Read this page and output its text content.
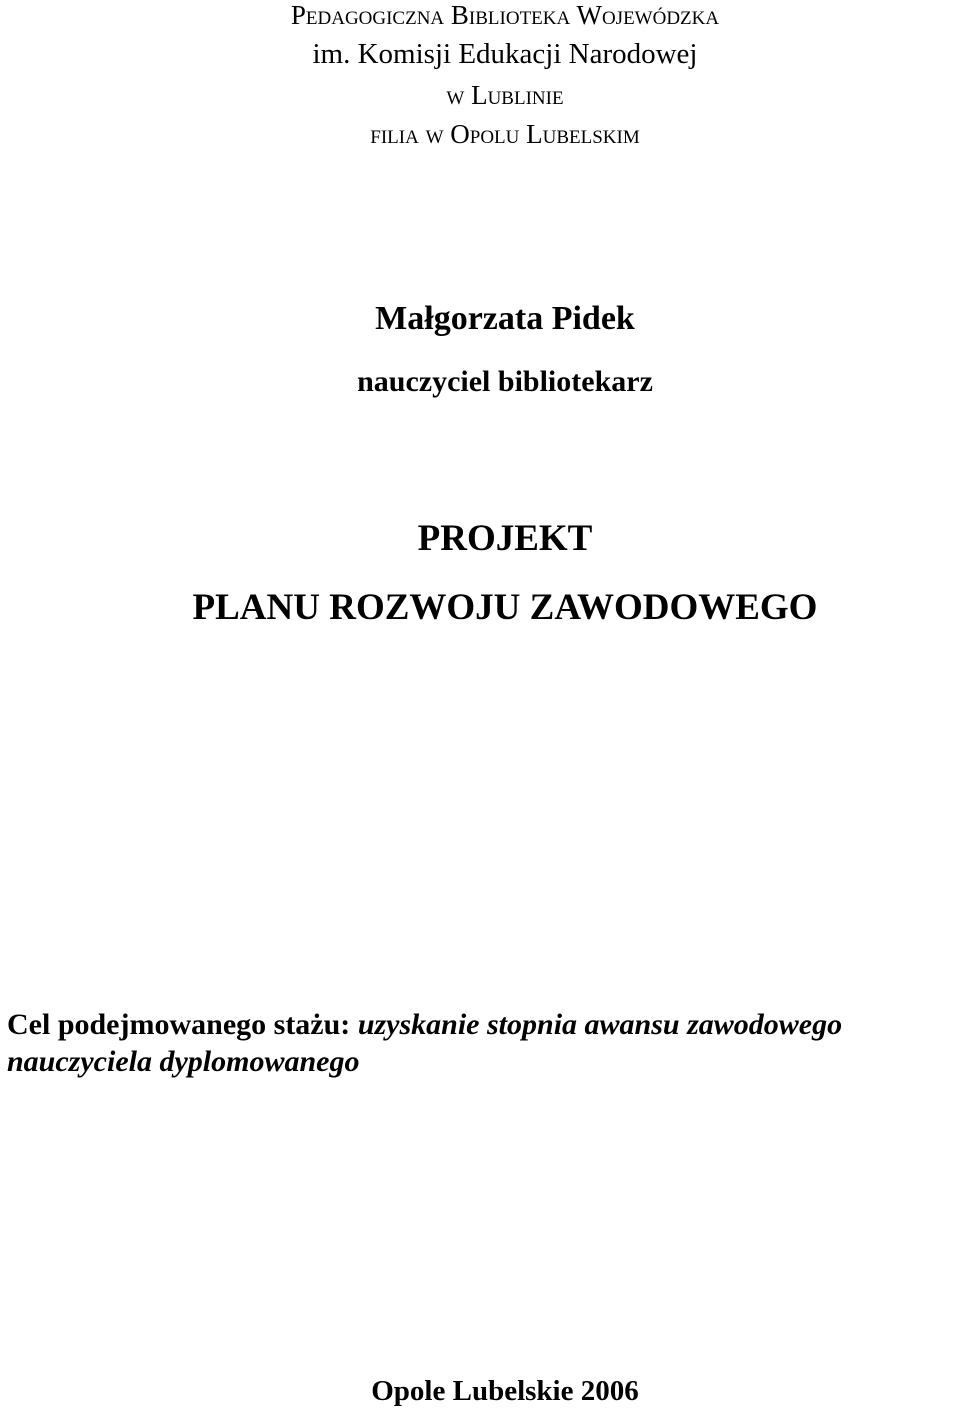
Pedagogiczna Biblioteka Wojewódzka
im. Komisji Edukacji Narodowej
w Lublinie
filia w Opolu Lubelskim
Małgorzata Pidek
nauczyciel bibliotekarz
PROJEKT
PLANU ROZWOJU ZAWODOWEGO
Cel podejmowanego stażu: uzyskanie stopnia awansu zawodowego
nauczyciela dyplomowanego
Opole Lubelskie 2006
